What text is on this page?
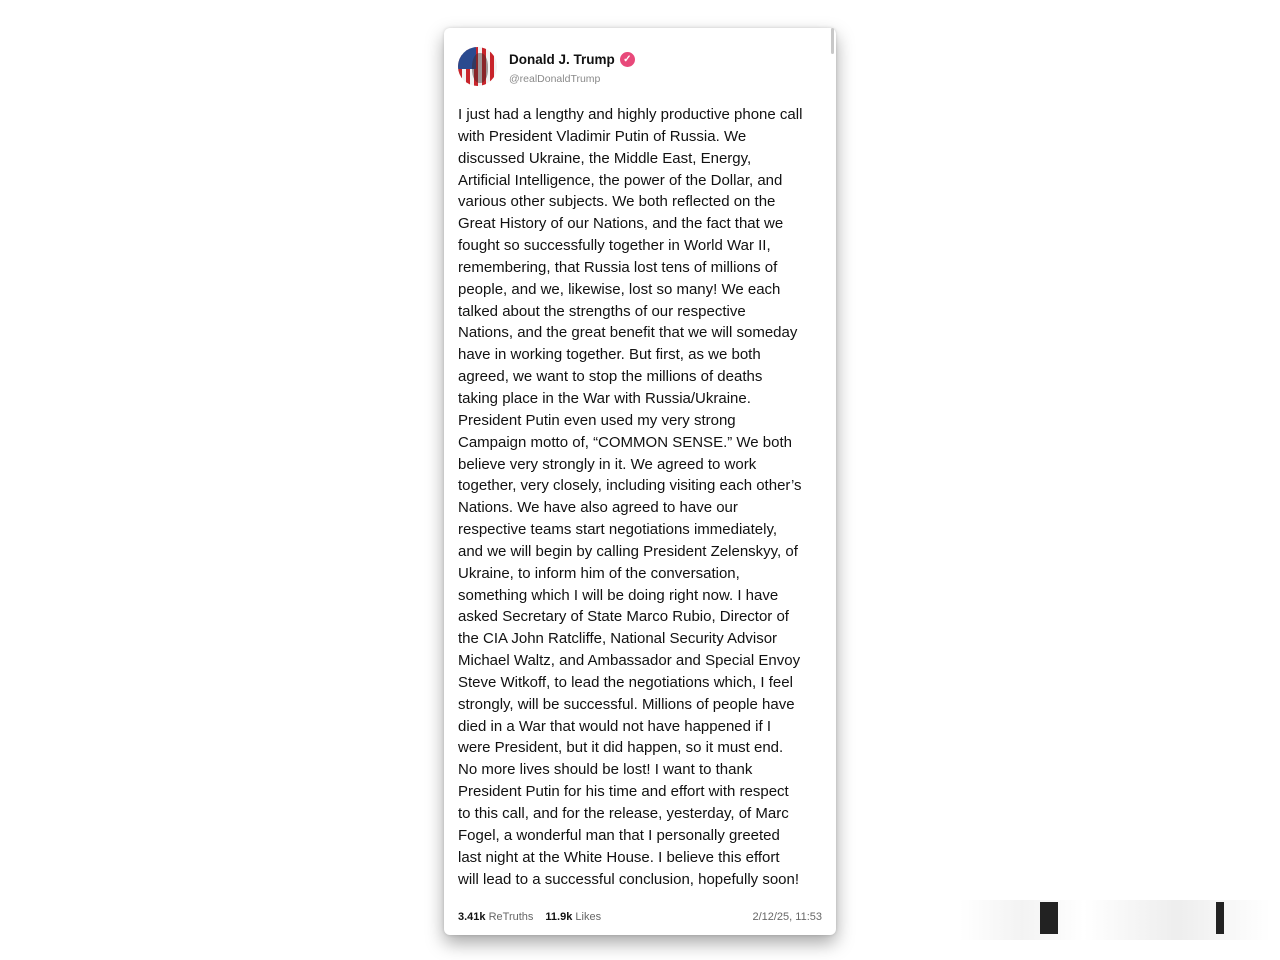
Donald J. Trump ✓
@realDonaldTrump
I just had a lengthy and highly productive phone call
with President Vladimir Putin of Russia. We
discussed Ukraine, the Middle East, Energy,
Artificial Intelligence, the power of the Dollar, and
various other subjects. We both reflected on the
Great History of our Nations, and the fact that we
fought so successfully together in World War II,
remembering, that Russia lost tens of millions of
people, and we, likewise, lost so many! We each
talked about the strengths of our respective
Nations, and the great benefit that we will someday
have in working together. But first, as we both
agreed, we want to stop the millions of deaths
taking place in the War with Russia/Ukraine.
President Putin even used my very strong
Campaign motto of, “COMMON SENSE.” We both
believe very strongly in it. We agreed to work
together, very closely, including visiting each other’s
Nations. We have also agreed to have our
respective teams start negotiations immediately,
and we will begin by calling President Zelenskyy, of
Ukraine, to inform him of the conversation,
something which I will be doing right now. I have
asked Secretary of State Marco Rubio, Director of
the CIA John Ratcliffe, National Security Advisor
Michael Waltz, and Ambassador and Special Envoy
Steve Witkoff, to lead the negotiations which, I feel
strongly, will be successful. Millions of people have
died in a War that would not have happened if I
were President, but it did happen, so it must end.
No more lives should be lost! I want to thank
President Putin for his time and effort with respect
to this call, and for the release, yesterday, of Marc
Fogel, a wonderful man that I personally greeted
last night at the White House. I believe this effort
will lead to a successful conclusion, hopefully soon!
3.41k ReTruths 11.9k Likes	2/12/25, 11:53
